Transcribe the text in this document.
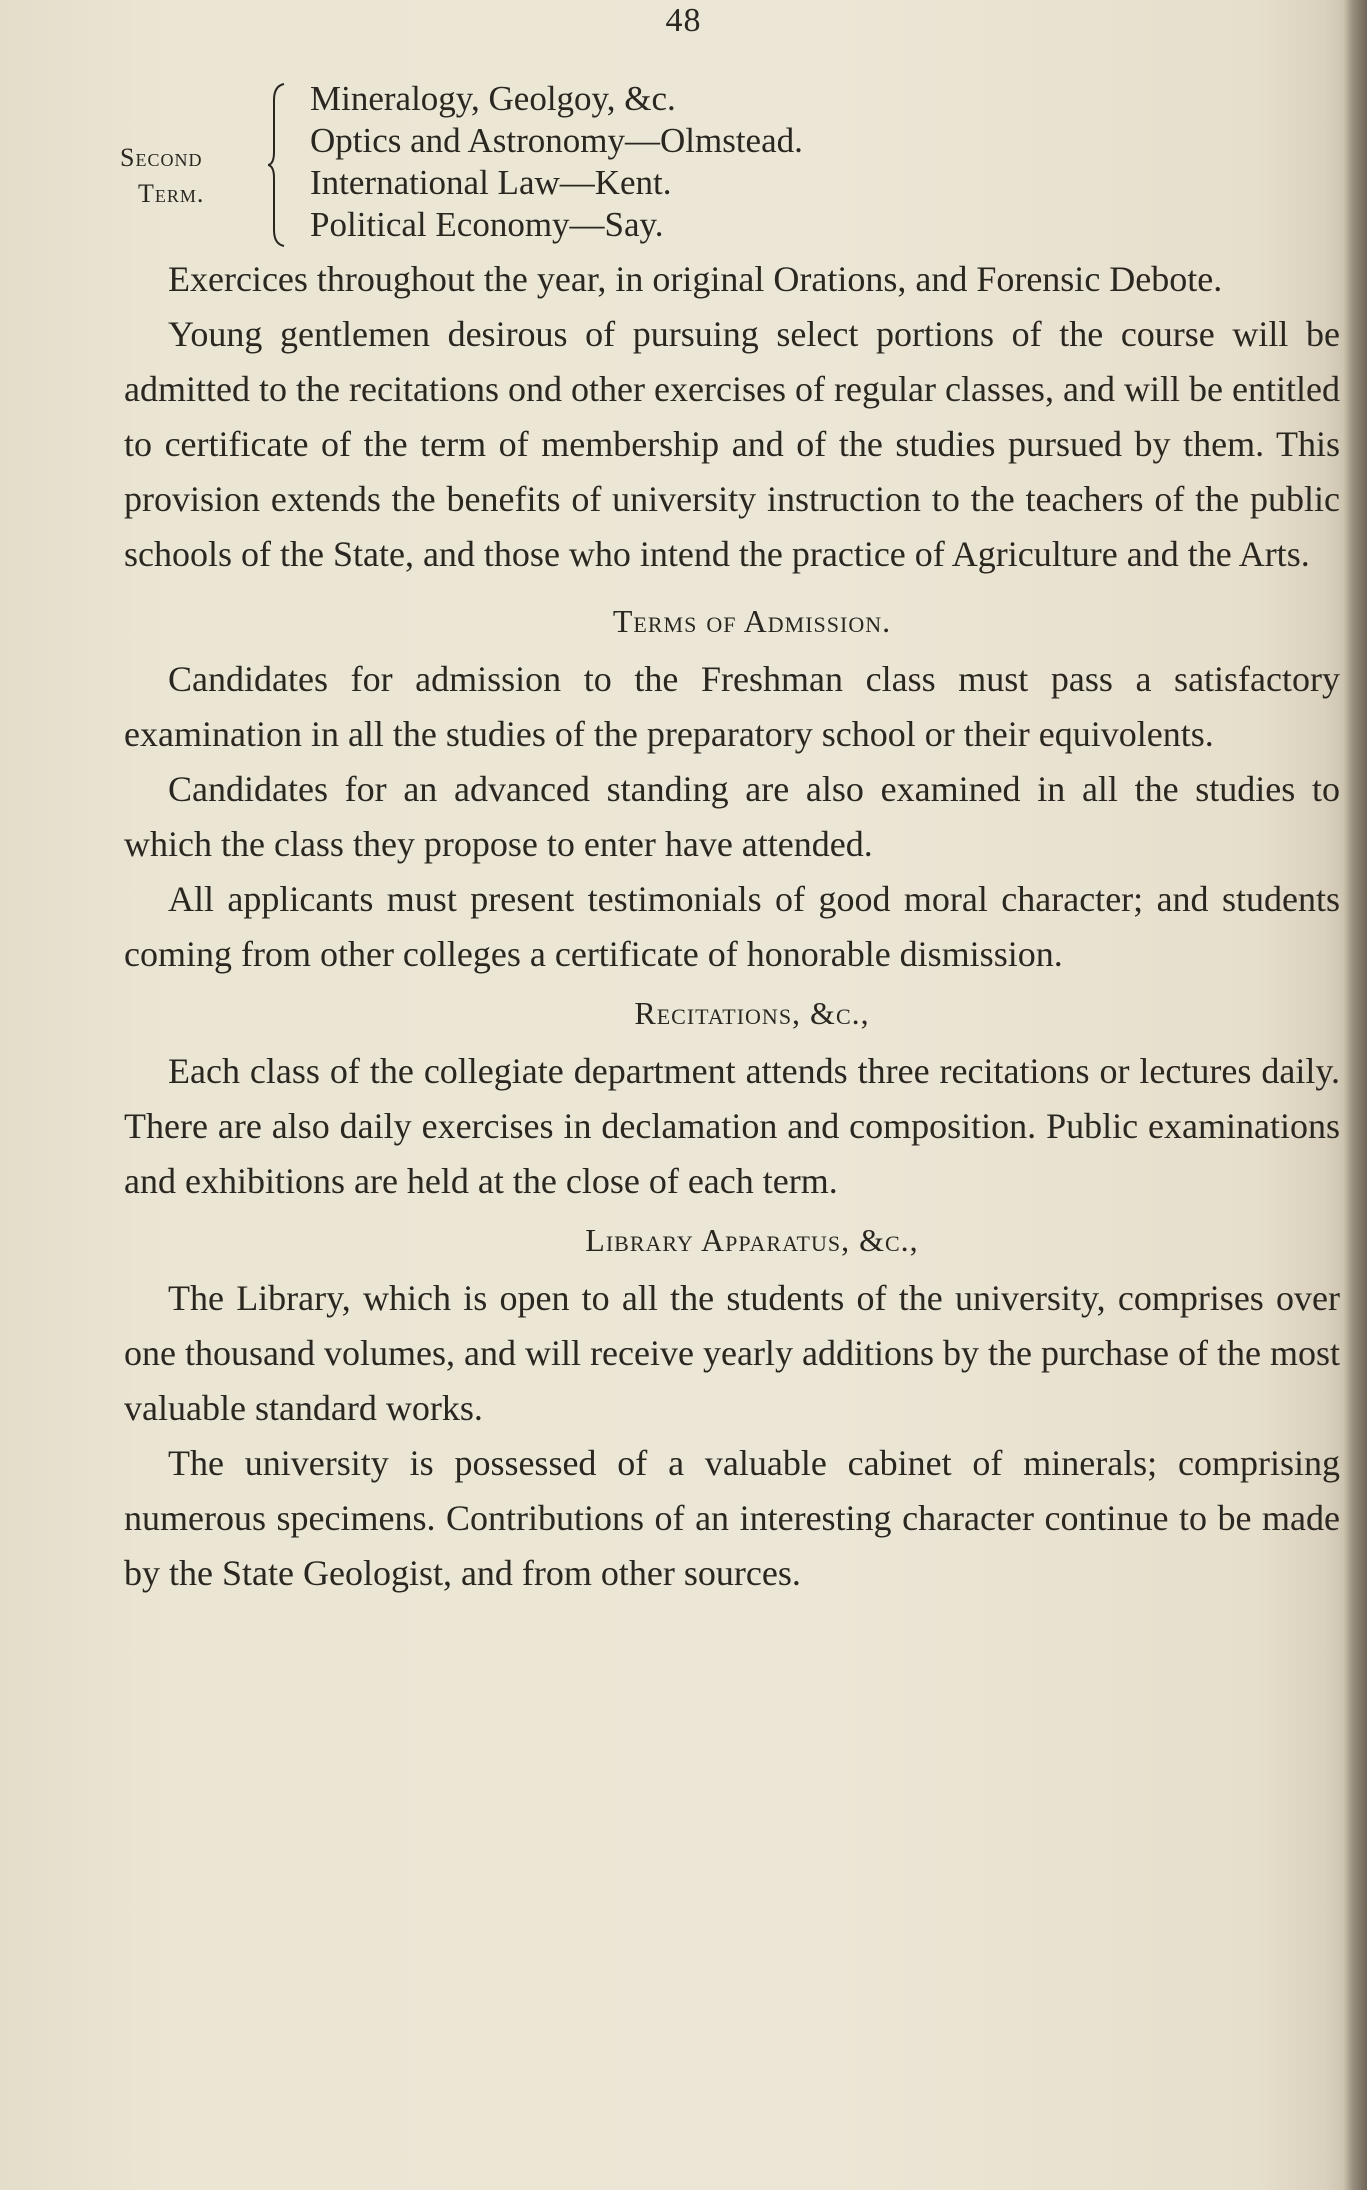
48
Second
Term.
Mineralogy, Geolgoy, &c.
Optics and Astronomy—Olmstead.
International Law—Kent.
Political Economy—Say.

Exercices throughout the year, in original Orations, and Forensic Debote.

Young gentlemen desirous of pursuing select portions of the course will be admitted to the recitations ond other exercises of regular classes, and will be entitled to certificate of the term of membership and of the studies pursued by them. This provision extends the benefits of university instruction to the teachers of the public schools of the State, and those who intend the practice of Agriculture and the Arts.

Terms of Admission.

Candidates for admission to the Freshman class must pass a satisfactory examination in all the studies of the preparatory school or their equivolents.

Candidates for an advanced standing are also examined in all the studies to which the class they propose to enter have attended.

All applicants must present testimonials of good moral character; and students coming from other colleges a certificate of honorable dismission.

Recitations, &c.,

Each class of the collegiate department attends three recitations or lectures daily. There are also daily exercises in declamation and composition. Public examinations and exhibitions are held at the close of each term.

Library Apparatus, &c.,

The Library, which is open to all the students of the university, comprises over one thousand volumes, and will receive yearly additions by the purchase of the most valuable standard works.

The university is possessed of a valuable cabinet of minerals; comprising numerous specimens. Contributions of an interesting character continue to be made by the State Geologist, and from other sources.
